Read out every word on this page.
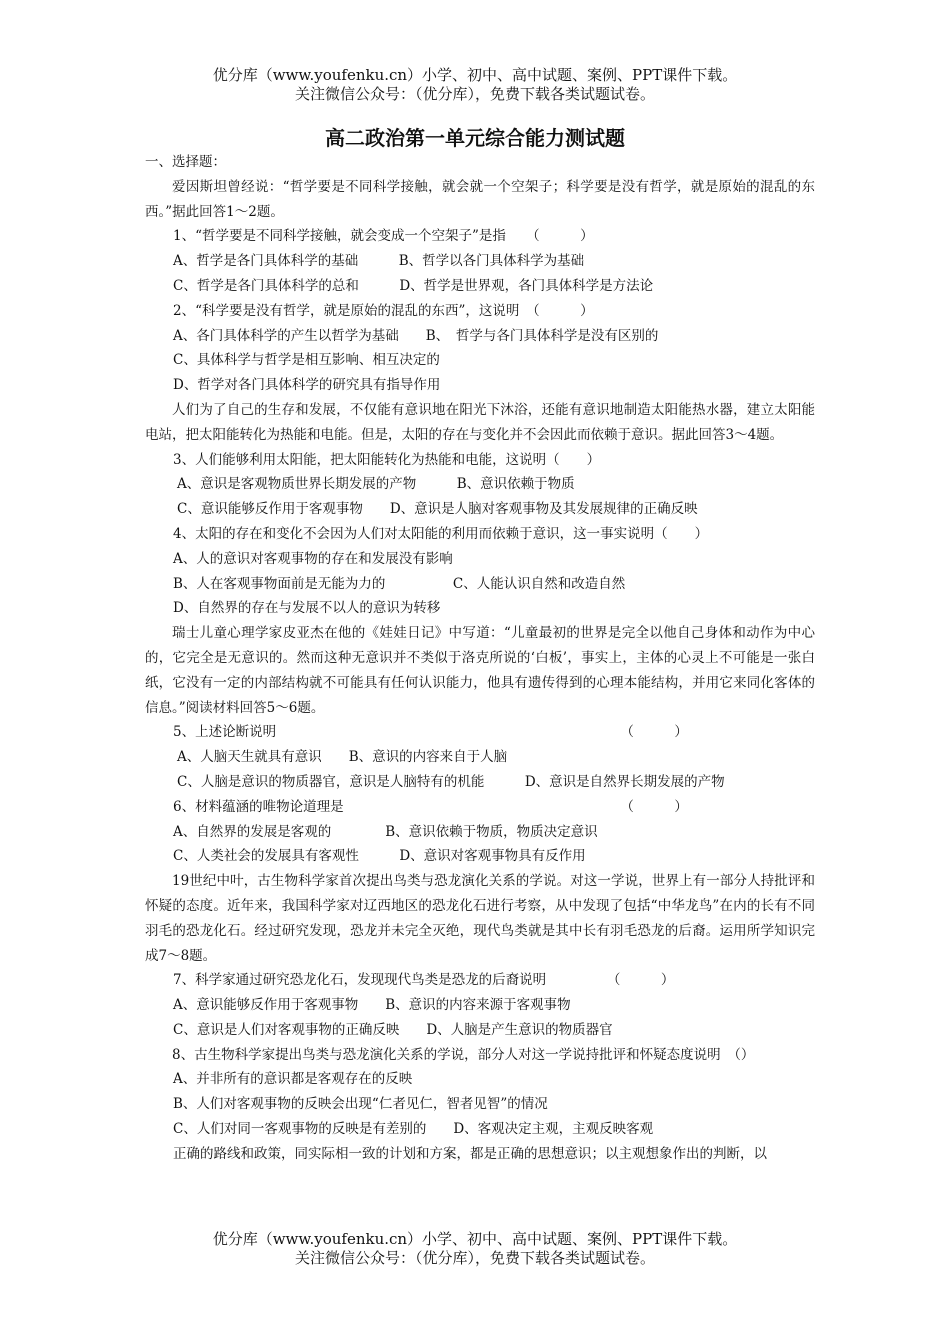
优分库（www.youfenku.cn）小学、初中、高中试题、案例、PPT课件下载。
关注微信公众号：（优分库），免费下载各类试题试卷。
高二政治第一单元综合能力测试题

一、选择题：

爱因斯坦曾经说：“哲学要是不同科学接触，就会就一个空架子；科学要是没有哲学，就是原始的混乱的东西。”据此回答1～2题。

1、“哲学要是不同科学接触，就会变成一个空架子”是指　　（　　　）

A、哲学是各门具体科学的基础　　　B、哲学以各门具体科学为基础

C、哲学是各门具体科学的总和　　　D、哲学是世界观，各门具体科学是方法论

2、“科学要是没有哲学，就是原始的混乱的东西”，这说明　（　　　）

A、各门具体科学的产生以哲学为基础　　B、　哲学与各门具体科学是没有区别的

C、具体科学与哲学是相互影响、相互决定的

D、哲学对各门具体科学的研究具有指导作用

人们为了自己的生存和发展，不仅能有意识地在阳光下沐浴，还能有意识地制造太阳能热水器，建立太阳能电站，把太阳能转化为热能和电能。但是，太阳的存在与变化并不会因此而依赖于意识。据此回答3～4题。

3、人们能够利用太阳能，把太阳能转化为热能和电能，这说明（　　）

A、意识是客观物质世界长期发展的产物　　　B、意识依赖于物质

C、意识能够反作用于客观事物　　D、意识是人脑对客观事物及其发展规律的正确反映

4、太阳的存在和变化不会因为人们对太阳能的利用而依赖于意识，这一事实说明（　　）

A、人的意识对客观事物的存在和发展没有影响

B、人在客观事物面前是无能为力的　　　　　C、人能认识自然和改造自然

D、自然界的存在与发展不以人的意识为转移

瑞士儿童心理学家皮亚杰在他的《娃娃日记》中写道：“儿童最初的世界是完全以他自己身体和动作为中心的，它完全是无意识的。然而这种无意识并不类似于洛克所说的‘白板’，事实上，主体的心灵上不可能是一张白纸，它没有一定的内部结构就不可能具有任何认识能力，他具有遗传得到的心理本能结构，并用它来同化客体的信息。”阅读材料回答5～6题。

5、上述论断说明　　　　　　　　　　　　　　　　　　　　　　　　　　（　　　）

A、人脑天生就具有意识　　B、意识的内容来自于人脑

C、人脑是意识的物质器官，意识是人脑特有的机能　　　D、意识是自然界长期发展的产物

6、材料蕴涵的唯物论道理是　　　　　　　　　　　　　　　　　　　　　（　　　）

A、自然界的发展是客观的　　　　B、意识依赖于物质，物质决定意识

C、人类社会的发展具有客观性　　　D、意识对客观事物具有反作用

19世纪中叶，古生物科学家首次提出鸟类与恐龙演化关系的学说。对这一学说，世界上有一部分人持批评和怀疑的态度。近年来，我国科学家对辽西地区的恐龙化石进行考察，从中发现了包括“中华龙鸟”在内的长有不同羽毛的恐龙化石。经过研究发现，恐龙并未完全灭绝，现代鸟类就是其中长有羽毛恐龙的后裔。运用所学知识完成7～8题。

7、科学家通过研究恐龙化石，发现现代鸟类是恐龙的后裔说明　　　　　（　　　）

A、意识能够反作用于客观事物　　B、意识的内容来源于客观事物

C、意识是人们对客观事物的正确反映　　D、人脑是产生意识的物质器官

8、古生物科学家提出鸟类与恐龙演化关系的学说，部分人对这一学说持批评和怀疑态度说明　（）

A、并非所有的意识都是客观存在的反映

B、人们对客观事物的反映会出现“仁者见仁，智者见智”的情况

C、人们对同一客观事物的反映是有差别的　　D、客观决定主观，主观反映客观

正确的路线和政策，同实际相一致的计划和方案，都是正确的思想意识；以主观想象作出的判断，以

优分库（www.youfenku.cn）小学、初中、高中试题、案例、PPT课件下载。
关注微信公众号：（优分库），免费下载各类试题试卷。
